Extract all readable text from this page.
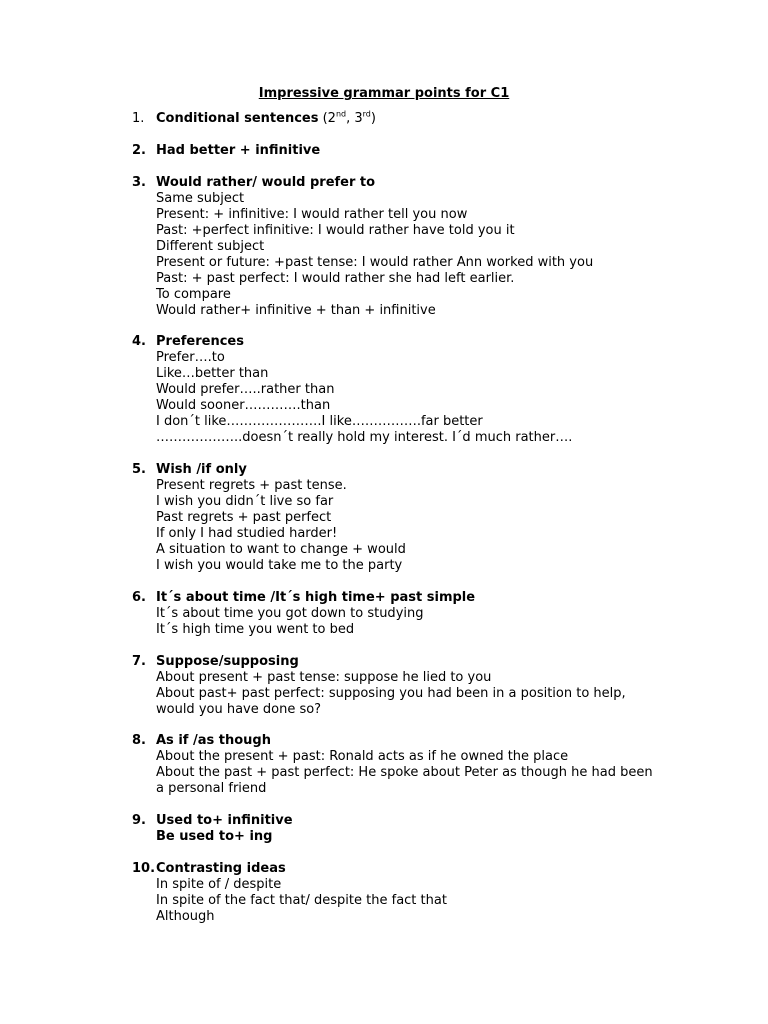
Impressive grammar points for C1
1. Conditional sentences (2nd, 3rd)
2. Had better + infinitive
3. Would rather/ would prefer to
Same subject
Present: + infinitive: I would rather tell you now
Past: +perfect infinitive: I would rather have told you it
Different subject
Present or future: +past tense: I would rather Ann worked with you
Past: + past perfect: I would rather she had left earlier.
To compare
Would rather+ infinitive + than + infinitive
4. Preferences
Prefer….to
Like…better than
Would prefer…..rather than
Would sooner………….than
I don´t like………………….I like…………….far better
………………..doesn´t really hold my interest. I´d much rather….
5. Wish /if only
Present regrets + past tense.
I wish you didn´t live so far
Past regrets + past perfect
If only I had studied harder!
A situation to want to change + would
I wish you would take me to the party
6. It´s about time /It´s high time+ past simple
It´s about time you got down to studying
It´s high time you went to bed
7. Suppose/supposing
About present + past tense: suppose he lied to you
About past+ past perfect: supposing you had been in a position to help,
would you have done so?
8. As if /as though
About the present + past: Ronald acts as if he owned the place
About the past + past perfect: He spoke about Peter as though he had been
a personal friend
9. Used to+ infinitive
Be used to+ ing
10. Contrasting ideas
In spite of / despite
In spite of the fact that/ despite the fact that
Although
